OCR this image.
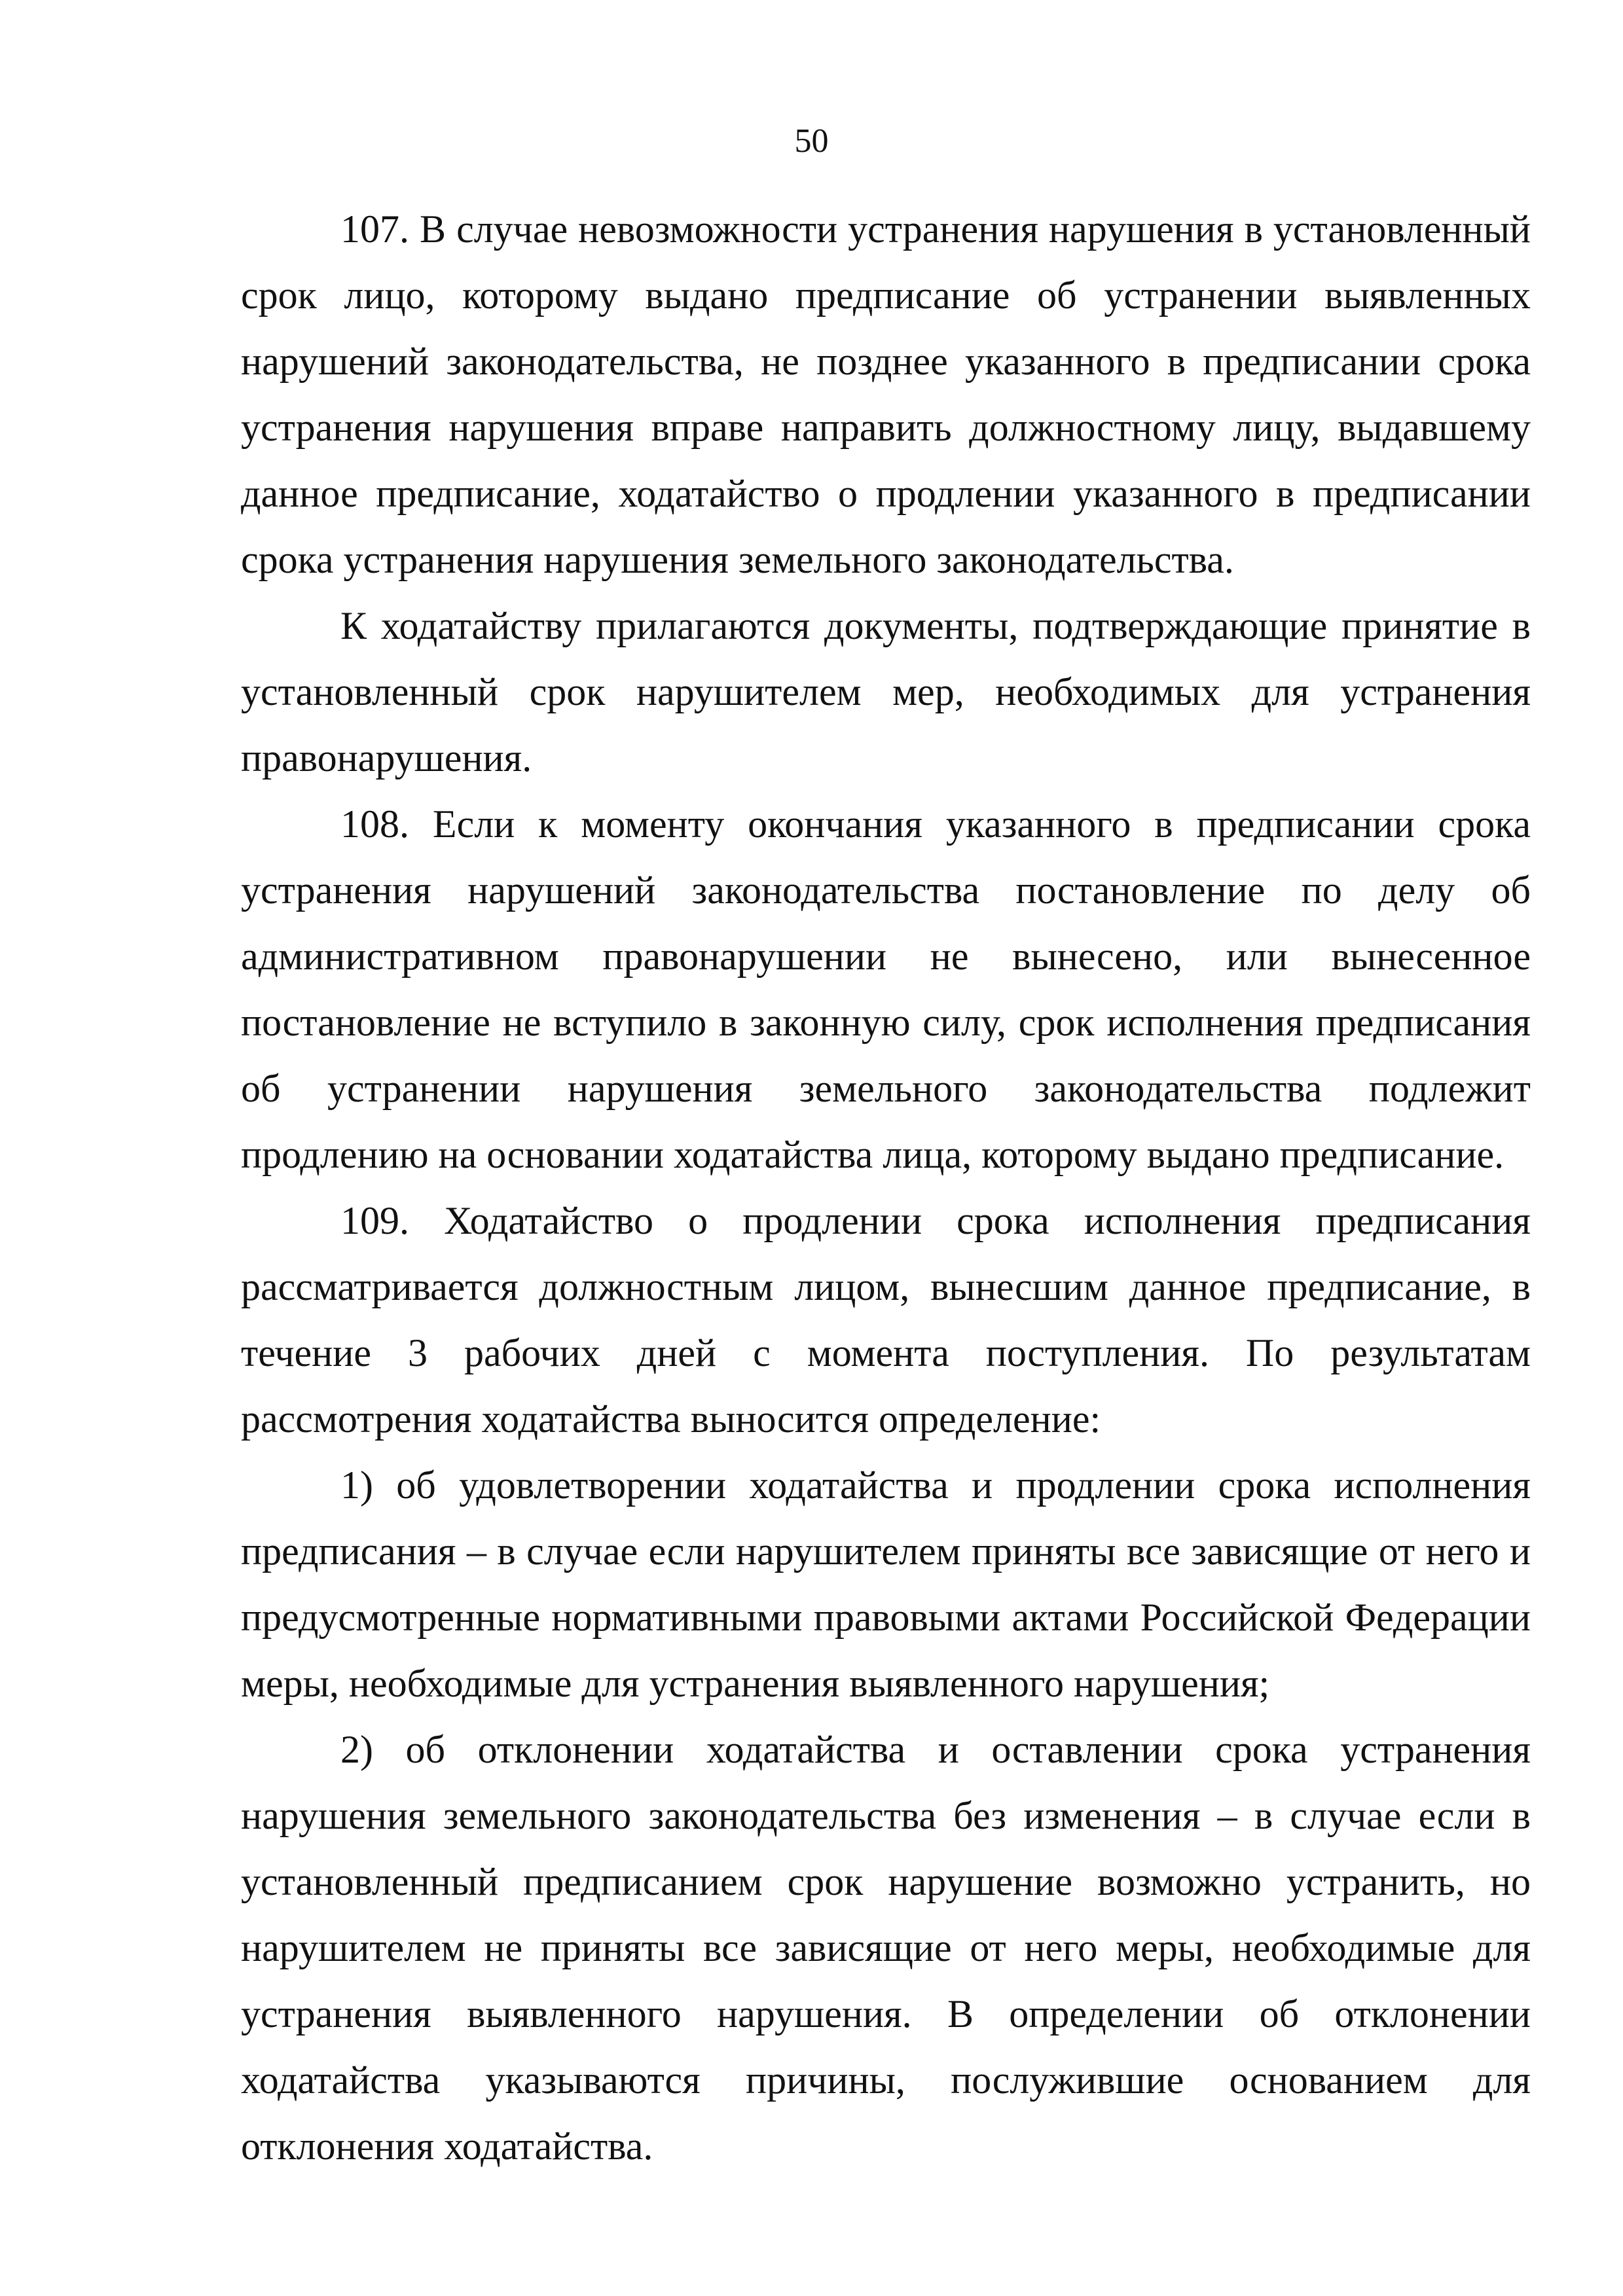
50

107. В случае невозможности устранения нарушения в установленный срок лицо, которому выдано предписание об устранении выявленных нарушений законодательства, не позднее указанного в предписании срока устранения нарушения вправе направить должностному лицу, выдавшему данное предписание, ходатайство о продлении указанного в предписании срока устранения нарушения земельного законодательства.

К ходатайству прилагаются документы, подтверждающие принятие в установленный срок нарушителем мер, необходимых для устранения правонарушения.

108. Если к моменту окончания указанного в предписании срока устранения нарушений законодательства постановление по делу об административном правонарушении не вынесено, или вынесенное постановление не вступило в законную силу, срок исполнения предписания об устранении нарушения земельного законодательства подлежит продлению на основании ходатайства лица, которому выдано предписание.

109. Ходатайство о продлении срока исполнения предписания рассматривается должностным лицом, вынесшим данное предписание, в течение 3 рабочих дней с момента поступления. По результатам рассмотрения ходатайства выносится определение:

1) об удовлетворении ходатайства и продлении срока исполнения предписания – в случае если нарушителем приняты все зависящие от него и предусмотренные нормативными правовыми актами Российской Федерации меры, необходимые для устранения выявленного нарушения;

2) об отклонении ходатайства и оставлении срока устранения нарушения земельного законодательства без изменения – в случае если в установленный предписанием срок нарушение возможно устранить, но нарушителем не приняты все зависящие от него меры, необходимые для устранения выявленного нарушения. В определении об отклонении ходатайства указываются причины, послужившие основанием для отклонения ходатайства.
